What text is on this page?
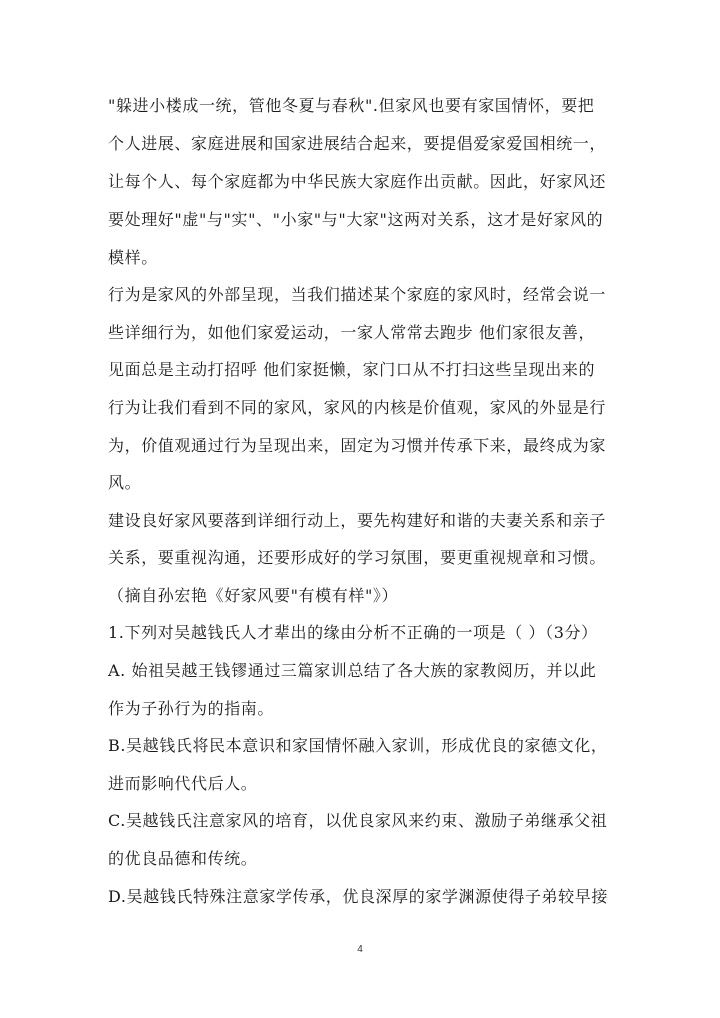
"躲进小楼成一统，管他冬夏与春秋".但家风也要有家国情怀，要把
个人进展、家庭进展和国家进展结合起来，要提倡爱家爱国相统一，
让每个人、每个家庭都为中华民族大家庭作出贡献。因此，好家风还
要处理好"虚"与"实"、"小家"与"大家"这两对关系，这才是好家风的
模样。
行为是家风的外部呈现，当我们描述某个家庭的家风时，经常会说一
些详细行为，如他们家爱运动，一家人常常去跑步 他们家很友善，
见面总是主动打招呼 他们家挺懒，家门口从不打扫这些呈现出来的
行为让我们看到不同的家风，家风的内核是价值观，家风的外显是行
为，价值观通过行为呈现出来，固定为习惯并传承下来，最终成为家
风。
建设良好家风要落到详细行动上，要先构建好和谐的夫妻关系和亲子
关系，要重视沟通，还要形成好的学习氛围，要更重视规章和习惯。
（摘自孙宏艳《好家风要"有模有样"》）
1.下列对吴越钱氏人才辈出的缘由分析不正确的一项是（ ）（3分）
A. 始祖吴越王钱镠通过三篇家训总结了各大族的家教阅历，并以此
作为子孙行为的指南。
B.吴越钱氏将民本意识和家国情怀融入家训，形成优良的家德文化，
进而影响代代后人。
C.吴越钱氏注意家风的培育，以优良家风来约束、激励子弟继承父祖
的优良品德和传统。
D.吴越钱氏特殊注意家学传承，优良深厚的家学渊源使得子弟较早接
4
